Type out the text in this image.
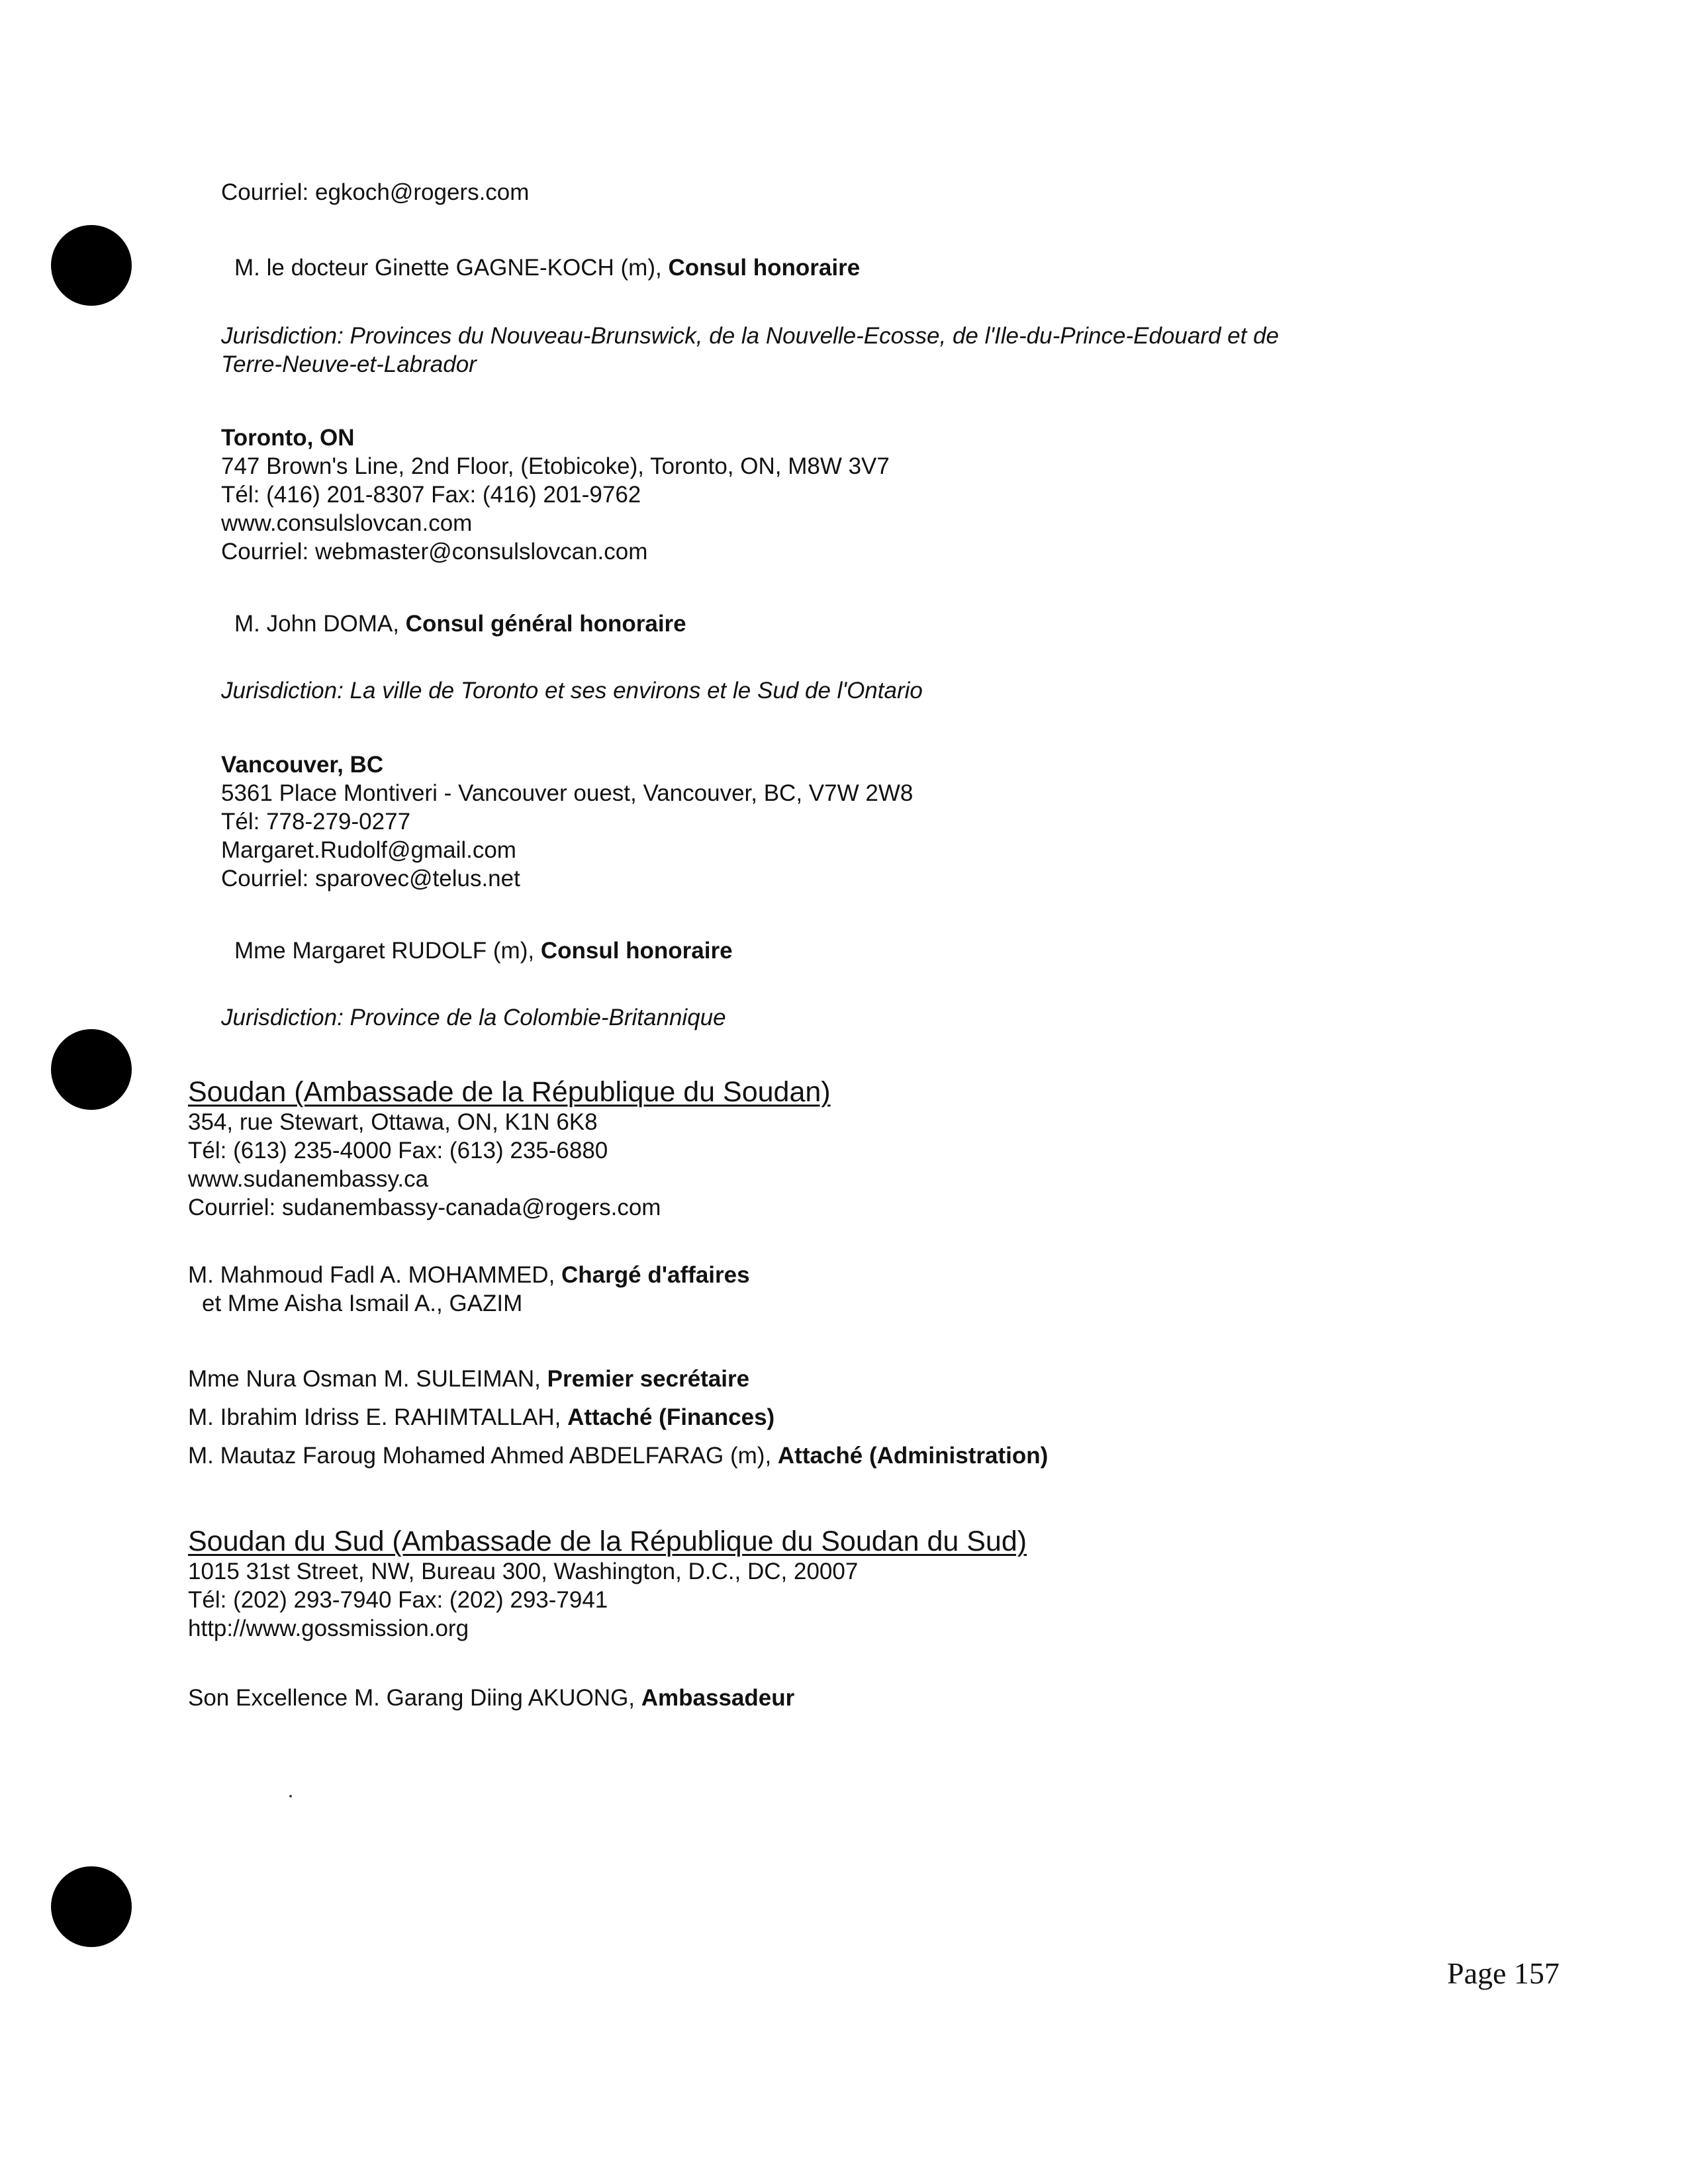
Courriel: egkoch@rogers.com
M. le docteur Ginette GAGNE-KOCH (m), Consul honoraire
Jurisdiction: Provinces du Nouveau-Brunswick, de la Nouvelle-Ecosse, de l'Ile-du-Prince-Edouard et de
Terre-Neuve-et-Labrador
Toronto, ON
747 Brown's Line, 2nd Floor, (Etobicoke), Toronto, ON, M8W 3V7
Tél: (416) 201-8307 Fax: (416) 201-9762
www.consulslovcan.com
Courriel: webmaster@consulslovcan.com
M. John DOMA, Consul général honoraire
Jurisdiction: La ville de Toronto et ses environs et le Sud de l'Ontario
Vancouver, BC
5361 Place Montiveri - Vancouver ouest, Vancouver, BC, V7W 2W8
Tél: 778-279-0277
Margaret.Rudolf@gmail.com
Courriel: sparovec@telus.net
Mme Margaret RUDOLF (m), Consul honoraire
Jurisdiction: Province de la Colombie-Britannique
Soudan (Ambassade de la République du Soudan)
354, rue Stewart, Ottawa, ON, K1N 6K8
Tél: (613) 235-4000 Fax: (613) 235-6880
www.sudanembassy.ca
Courriel: sudanembassy-canada@rogers.com
M. Mahmoud Fadl A. MOHAMMED, Chargé d'affaires
et Mme Aisha Ismail A., GAZIM
Mme Nura Osman M. SULEIMAN, Premier secrétaire
M. Ibrahim Idriss E. RAHIMTALLAH, Attaché (Finances)
M. Mautaz Faroug Mohamed Ahmed ABDELFARAG (m), Attaché (Administration)
Soudan du Sud (Ambassade de la République du Soudan du Sud)
1015 31st Street, NW, Bureau 300, Washington, D.C., DC, 20007
Tél: (202) 293-7940 Fax: (202) 293-7941
http://www.gossmission.org
Son Excellence M. Garang Diing AKUONG, Ambassadeur
Page 157
